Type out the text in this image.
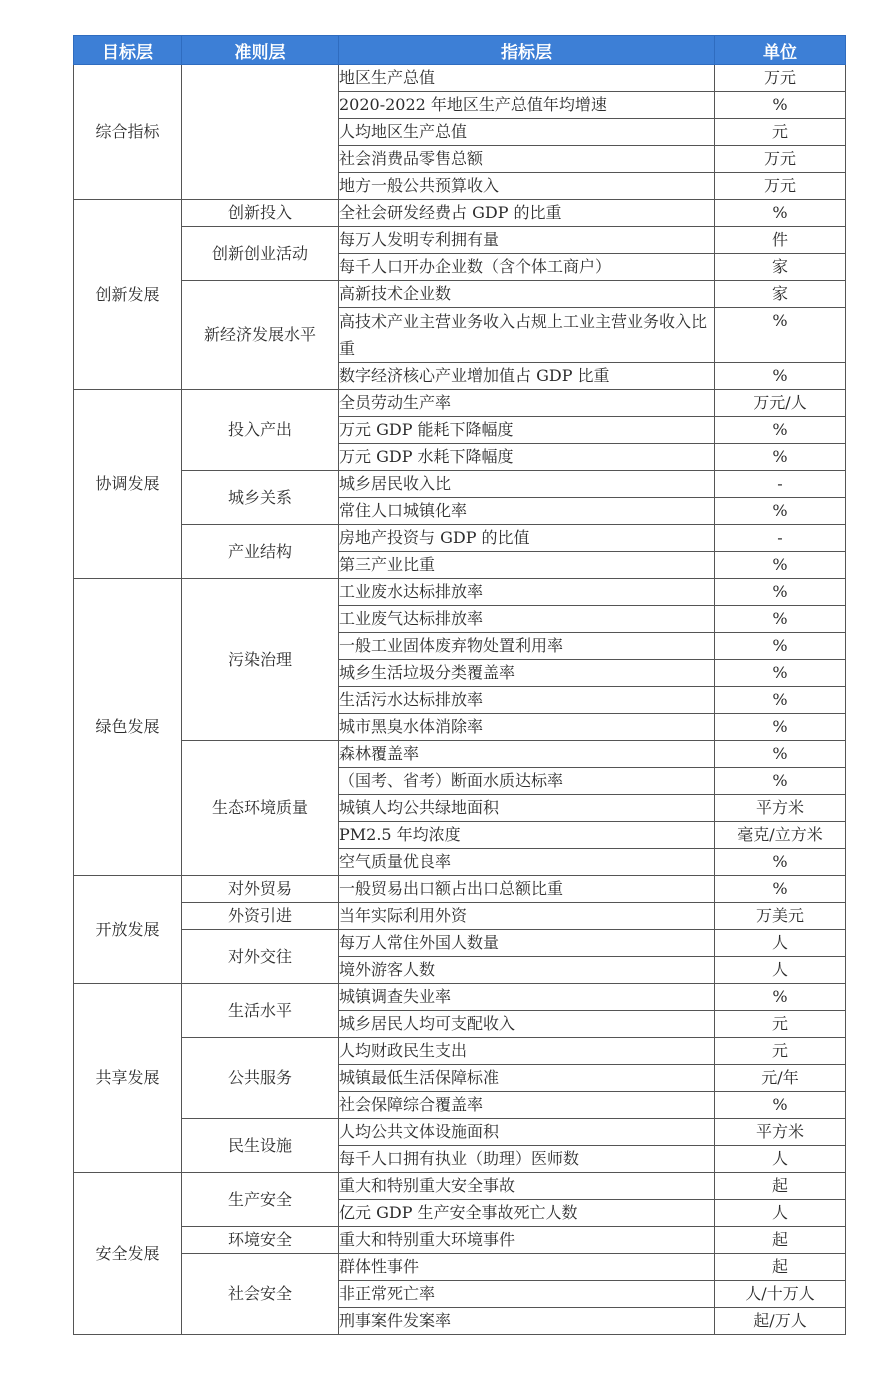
目标层	准则层	指标层	单位
综合指标		地区生产总值	万元
		2020-2022 年地区生产总值年均增速	%
		人均地区生产总值	元
		社会消费品零售总额	万元
		地方一般公共预算收入	万元
创新发展	创新投入	全社会研发经费占 GDP 的比重	%
	创新创业活动	每万人发明专利拥有量	件
		每千人口开办企业数（含个体工商户）	家
	新经济发展水平	高新技术企业数	家
		高技术产业主营业务收入占规上工业主营业务收入比重	%
		数字经济核心产业增加值占 GDP 比重	%
协调发展	投入产出	全员劳动生产率	万元/人
		万元 GDP 能耗下降幅度	%
		万元 GDP 水耗下降幅度	%
	城乡关系	城乡居民收入比	-
		常住人口城镇化率	%
	产业结构	房地产投资与 GDP 的比值	-
		第三产业比重	%
绿色发展	污染治理	工业废水达标排放率	%
		工业废气达标排放率	%
		一般工业固体废弃物处置利用率	%
		城乡生活垃圾分类覆盖率	%
		生活污水达标排放率	%
		城市黑臭水体消除率	%
	生态环境质量	森林覆盖率	%
		（国考、省考）断面水质达标率	%
		城镇人均公共绿地面积	平方米
		PM2.5 年均浓度	毫克/立方米
		空气质量优良率	%
开放发展	对外贸易	一般贸易出口额占出口总额比重	%
	外资引进	当年实际利用外资	万美元
	对外交往	每万人常住外国人数量	人
		境外游客人数	人
共享发展	生活水平	城镇调查失业率	%
		城乡居民人均可支配收入	元
	公共服务	人均财政民生支出	元
		城镇最低生活保障标准	元/年
		社会保障综合覆盖率	%
	民生设施	人均公共文体设施面积	平方米
		每千人口拥有执业（助理）医师数	人
安全发展	生产安全	重大和特别重大安全事故	起
		亿元 GDP 生产安全事故死亡人数	人
	环境安全	重大和特别重大环境事件	起
	社会安全	群体性事件	起
		非正常死亡率	人/十万人
		刑事案件发案率	起/万人
